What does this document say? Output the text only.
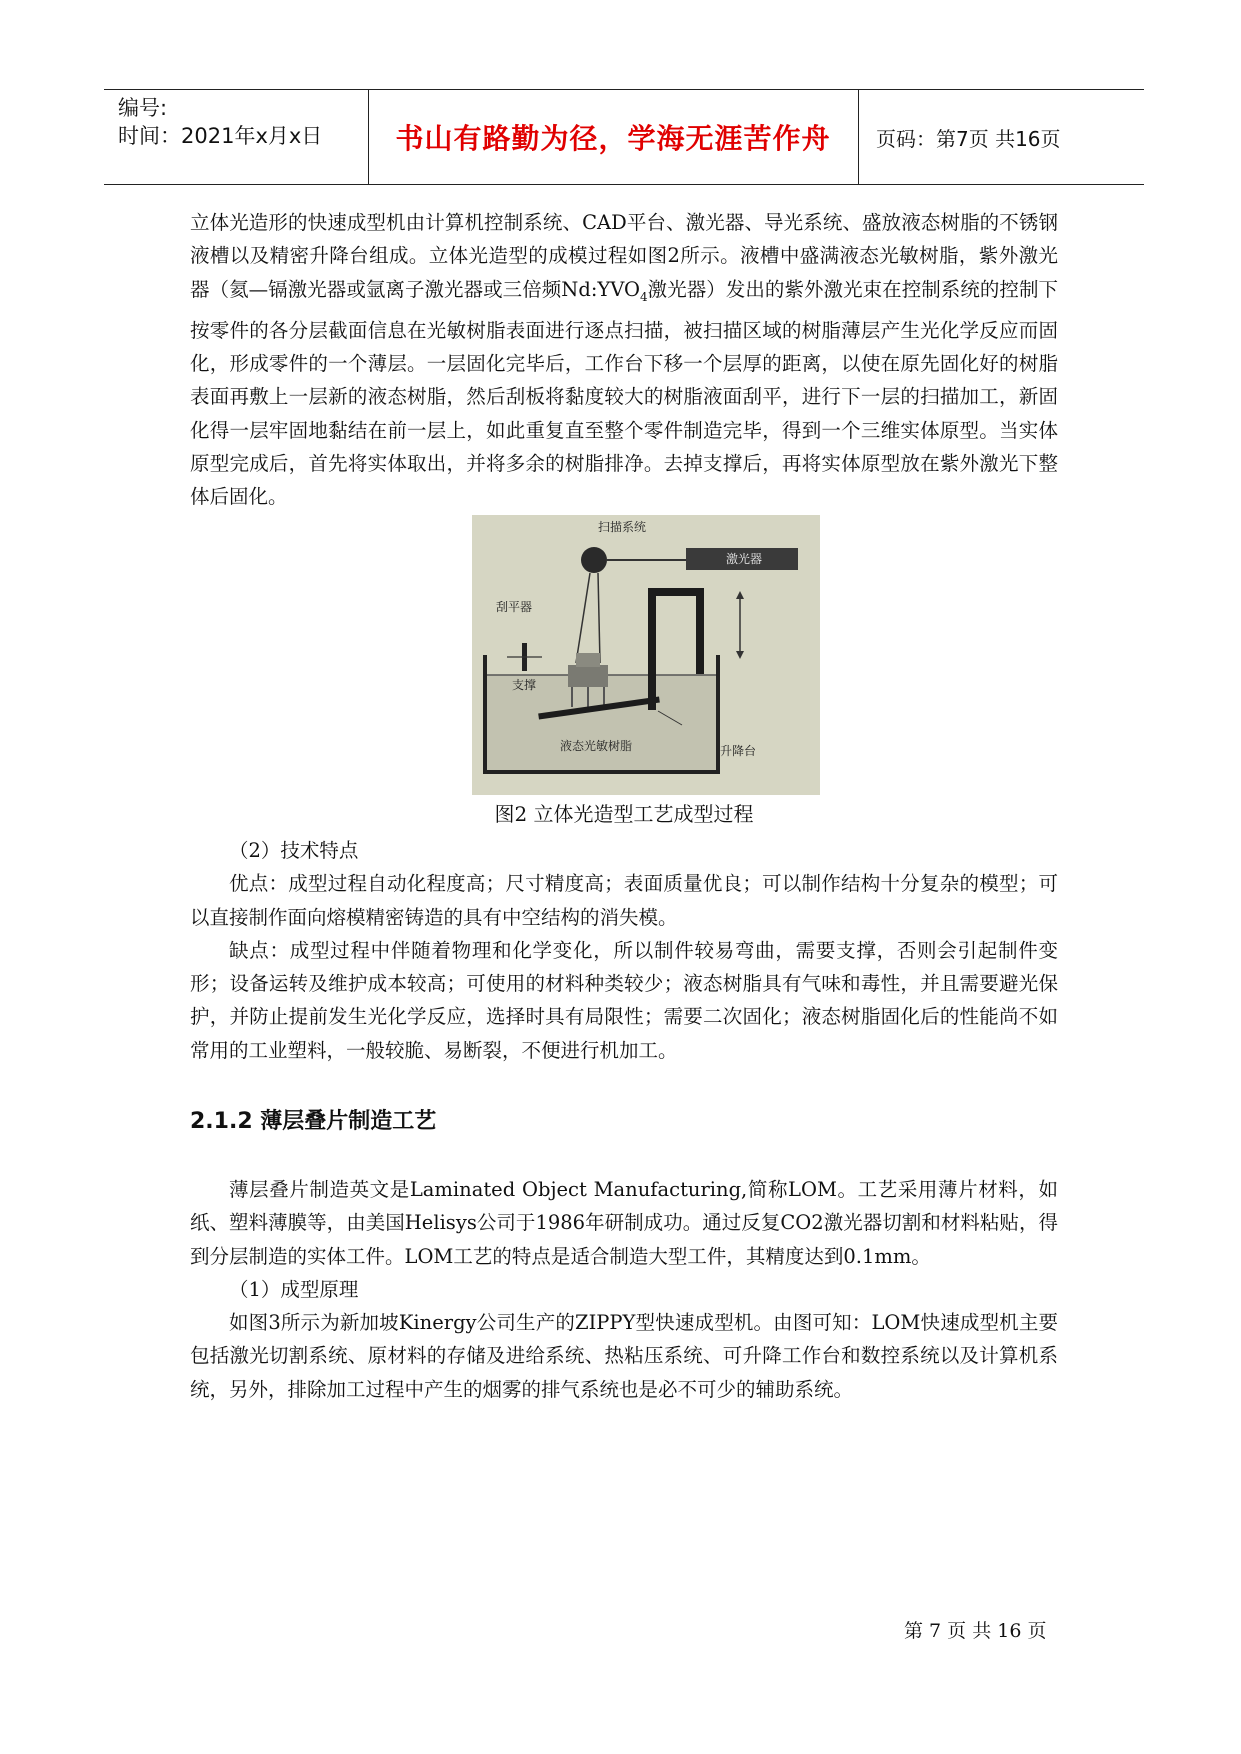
编号:
时间：2021年x月x日	书山有路勤为径，学海无涯苦作舟	页码：第7页 共16页

立体光造形的快速成型机由计算机控制系统、CAD平台、激光器、导光系统、盛放液态树脂的不锈钢液槽以及精密升降台组成。立体光造型的成模过程如图2所示。液槽中盛满液态光敏树脂，紫外激光器（氦—镉激光器或氩离子激光器或三倍频$Nd:YVO_4$激光器）发出的紫外激光束在控制系统的控制下按零件的各分层截面信息在光敏树脂表面进行逐点扫描，被扫描区域的树脂薄层产生光化学反应而固化，形成零件的一个薄层。一层固化完毕后，工作台下移一个层厚的距离，以使在原先固化好的树脂表面再敷上一层新的液态树脂，然后刮板将黏度较大的树脂液面刮平，进行下一层的扫描加工，新固化得一层牢固地黏结在前一层上，如此重复直至整个零件制造完毕，得到一个三维实体原型。当实体原型完成后，首先将实体取出，并将多余的树脂排净。去掉支撑后，再将实体原型放在紫外激光下整体后固化。

扫描系统
激光器
刮平器
支撑
液态光敏树脂	升降台
图2 立体光造型工艺成型过程

（2）技术特点

优点：成型过程自动化程度高；尺寸精度高；表面质量优良；可以制作结构十分复杂的模型；可以直接制作面向熔模精密铸造的具有中空结构的消失模。

缺点：成型过程中伴随着物理和化学变化，所以制件较易弯曲，需要支撑，否则会引起制件变形；设备运转及维护成本较高；可使用的材料种类较少；液态树脂具有气味和毒性，并且需要避光保护，并防止提前发生光化学反应，选择时具有局限性；需要二次固化；液态树脂固化后的性能尚不如常用的工业塑料，一般较脆、易断裂，不便进行机加工。

2.1.2 薄层叠片制造工艺

薄层叠片制造英文是Laminated Object Manufacturing,简称LOM。工艺采用薄片材料，如纸、塑料薄膜等，由美国Helisys公司于1986年研制成功。通过反复CO2激光器切割和材料粘贴，得到分层制造的实体工件。LOM工艺的特点是适合制造大型工件，其精度达到0.1mm。

（1）成型原理

如图3所示为新加坡Kinergy公司生产的ZIPPY型快速成型机。由图可知：LOM快速成型机主要包括激光切割系统、原材料的存储及进给系统、热粘压系统、可升降工作台和数控系统以及计算机系统，另外，排除加工过程中产生的烟雾的排气系统也是必不可少的辅助系统。

第 7 页 共 16 页
